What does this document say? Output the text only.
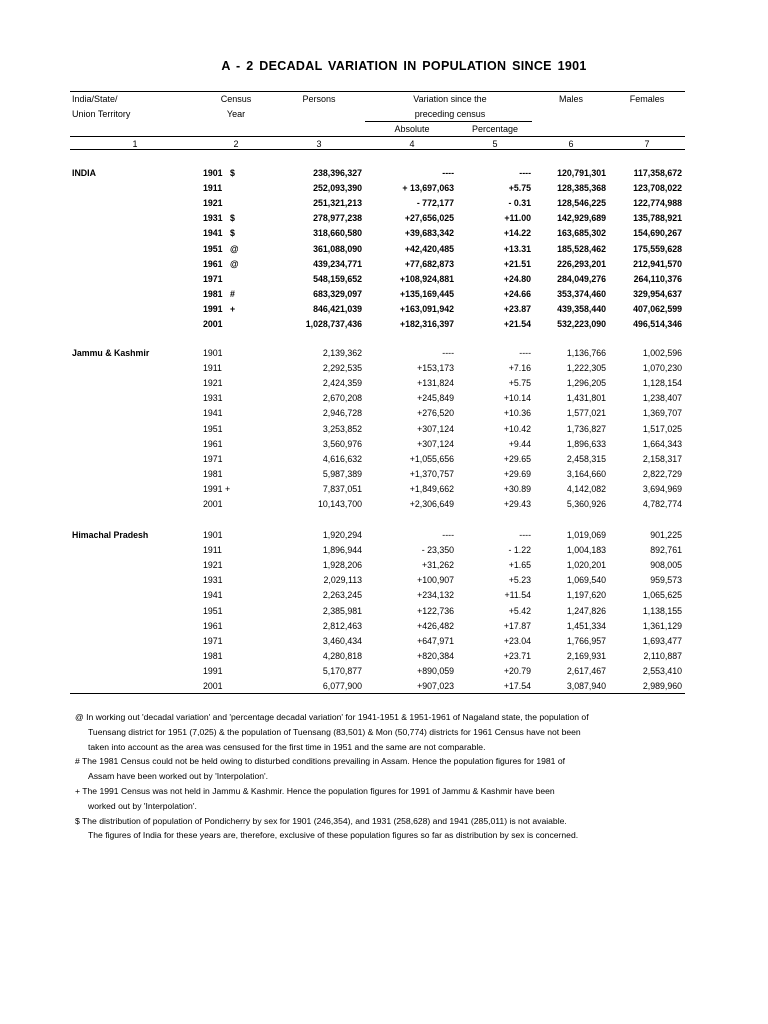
A - 2 DECADAL VARIATION IN POPULATION SINCE 1901
India/State/
Union Territory
Census
Year
Persons	Variation since the
preceding census
Absolute	Percentage
Males	Females
1	2	3	4	5	6	7
INDIA	1901 $	238,396,327	----	----	120,791,301	117,358,672
1911	252,093,390	+ 13,697,063	+5.75	128,385,368	123,708,022
1921	251,321,213	- 772,177	- 0.31	128,546,225	122,774,988
1931 $	278,977,238	+27,656,025	+11.00	142,929,689	135,788,921
1941 $	318,660,580	+39,683,342	+14.22	163,685,302	154,690,267
1951 @	361,088,090	+42,420,485	+13.31	185,528,462	175,559,628
1961 @	439,234,771	+77,682,873	+21.51	226,293,201	212,941,570
1971	548,159,652	+108,924,881	+24.80	284,049,276	264,110,376
1981 #	683,329,097	+135,169,445	+24.66	353,374,460	329,954,637
1991 +	846,421,039	+163,091,942	+23.87	439,358,440	407,062,599
2001	1,028,737,436	+182,316,397	+21.54	532,223,090	496,514,346
Jammu & Kashmir	1901	2,139,362	----	----	1,136,766	1,002,596
1911	2,292,535	+153,173	+7.16	1,222,305	1,070,230
1921	2,424,359	+131,824	+5.75	1,296,205	1,128,154
1931	2,670,208	+245,849	+10.14	1,431,801	1,238,407
1941	2,946,728	+276,520	+10.36	1,577,021	1,369,707
1951	3,253,852	+307,124	+10.42	1,736,827	1,517,025
1961	3,560,976	+307,124	+9.44	1,896,633	1,664,343
1971	4,616,632	+1,055,656	+29.65	2,458,315	2,158,317
1981	5,987,389	+1,370,757	+29.69	3,164,660	2,822,729
1991 +	7,837,051	+1,849,662	+30.89	4,142,082	3,694,969
2001	10,143,700	+2,306,649	+29.43	5,360,926	4,782,774
Himachal Pradesh	1901	1,920,294	----	----	1,019,069	901,225
1911	1,896,944	- 23,350	- 1.22	1,004,183	892,761
1921	1,928,206	+31,262	+1.65	1,020,201	908,005
1931	2,029,113	+100,907	+5.23	1,069,540	959,573
1941	2,263,245	+234,132	+11.54	1,197,620	1,065,625
1951	2,385,981	+122,736	+5.42	1,247,826	1,138,155
1961	2,812,463	+426,482	+17.87	1,451,334	1,361,129
1971	3,460,434	+647,971	+23.04	1,766,957	1,693,477
1981	4,280,818	+820,384	+23.71	2,169,931	2,110,887
1991	5,170,877	+890,059	+20.79	2,617,467	2,553,410
2001	6,077,900	+907,023	+17.54	3,087,940	2,989,960

@ In working out 'decadal variation' and 'percentage decadal variation' for 1941-1951 & 1951-1961 of Nagaland state, the population of
Tuensang district for 1951 (7,025) & the population of Tuensang (83,501) & Mon (50,774) districts for 1961 Census have not been
taken into account as the area was censused for the first time in 1951 and the same are not comparable.

# The 1981 Census could not be held owing to disturbed conditions prevailing in Assam. Hence the population figures for 1981 of
Assam have been worked out by 'Interpolation'.

+ The 1991 Census was not held in Jammu & Kashmir. Hence the population figures for 1991 of Jammu & Kashmir have been
worked out by 'Interpolation'.

$ The distribution of population of Pondicherry by sex for 1901 (246,354), and 1931 (258,628) and 1941 (285,011) is not avaiable.
The figures of India for these years are, therefore, exclusive of these population figures so far as distribution by sex is concerned.
